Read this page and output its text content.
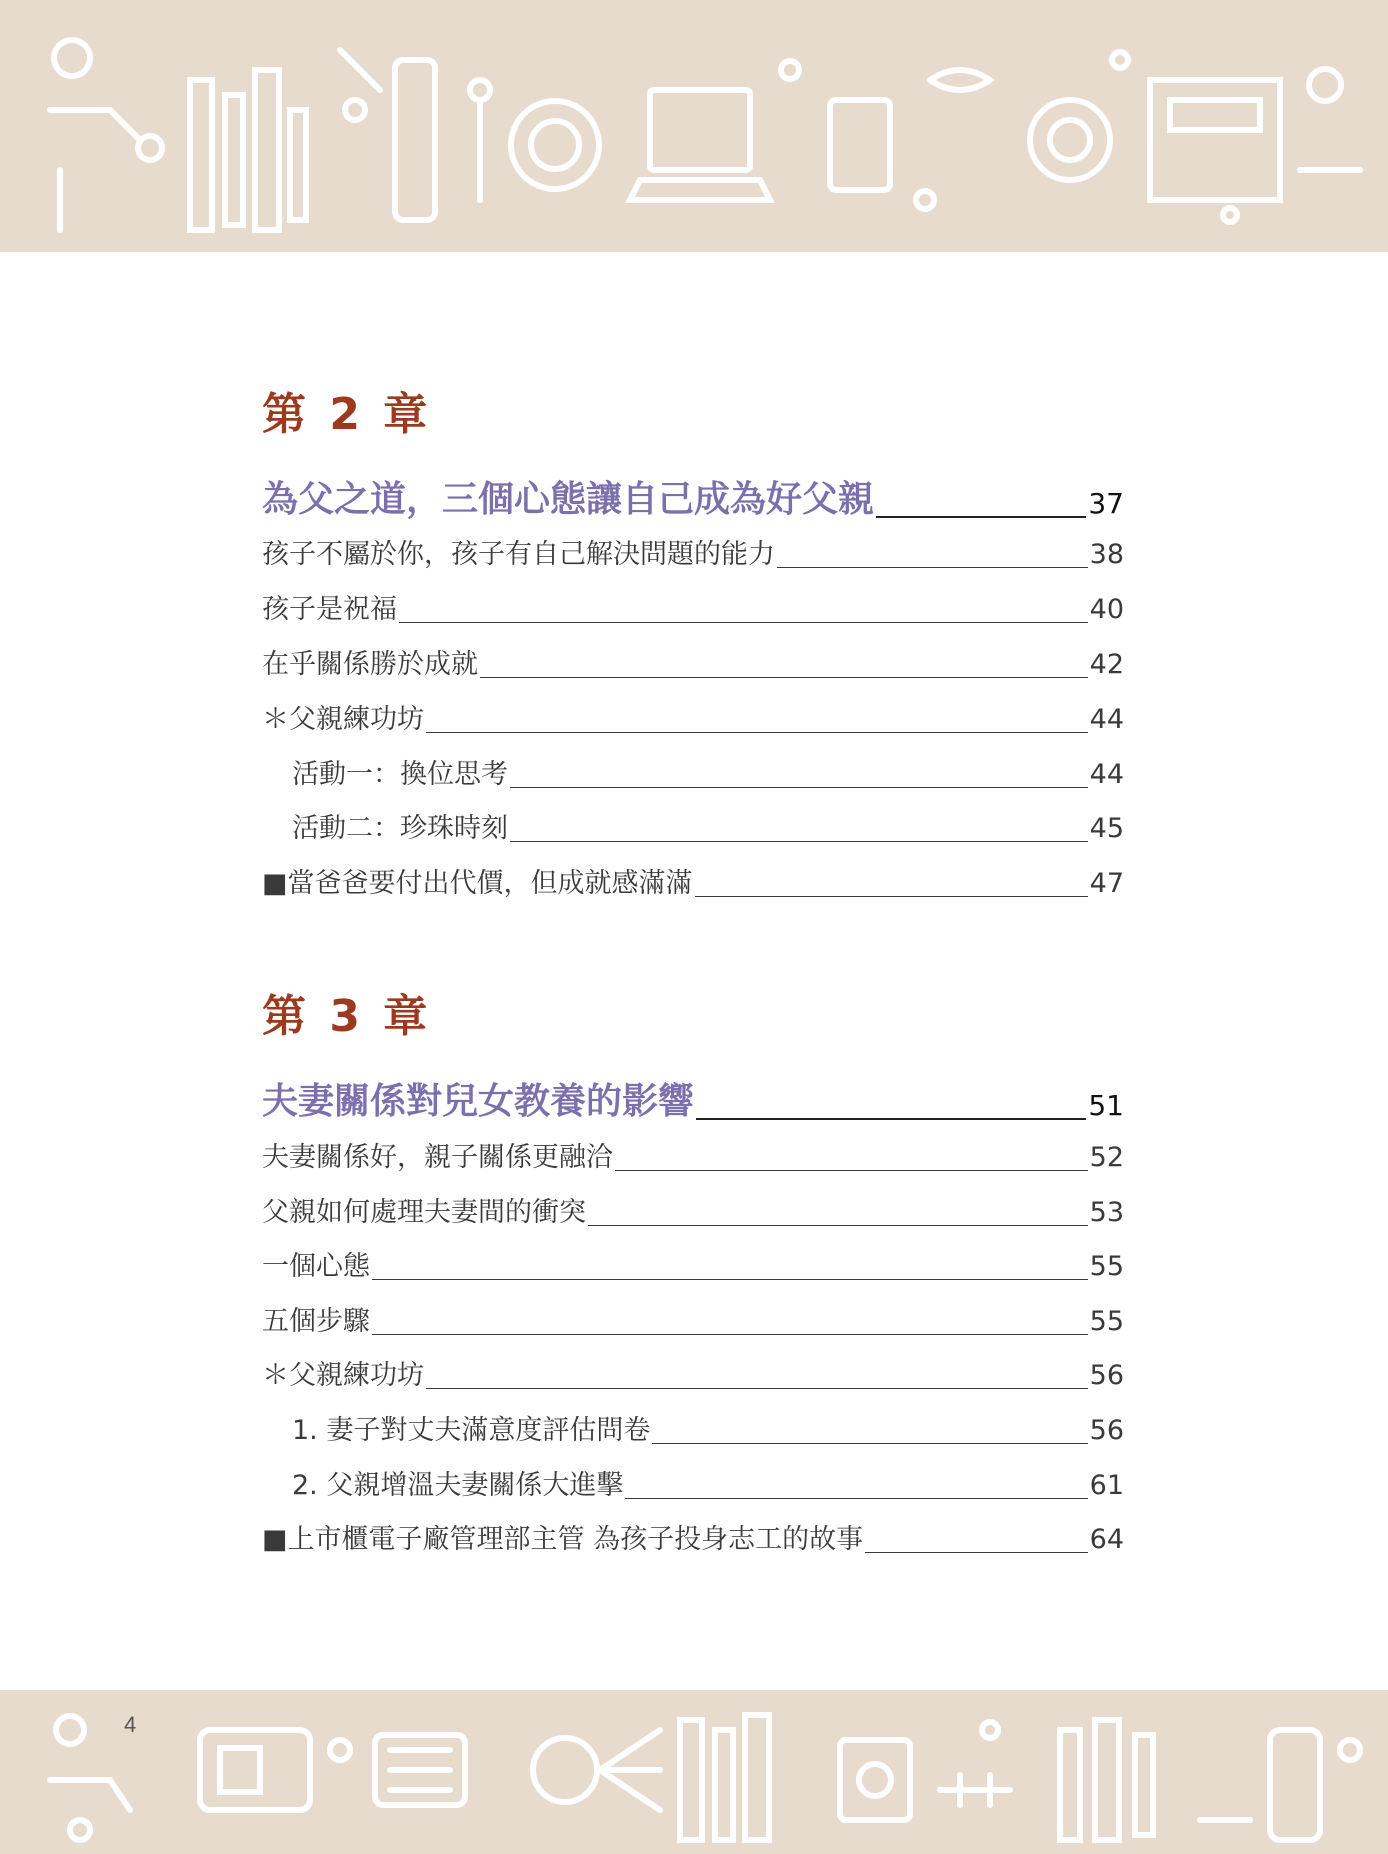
第 2 章
為父之道，三個心態讓自己成為好父親	37
孩子不屬於你，孩子有自己解決問題的能力	38
孩子是祝福	40
在乎關係勝於成就	42
＊父親練功坊	44
活動一：換位思考	44
活動二：珍珠時刻	45
■當爸爸要付出代價，但成就感滿滿	47
第 3 章
夫妻關係對兒女教養的影響	51
夫妻關係好，親子關係更融洽	52
父親如何處理夫妻間的衝突	53
一個心態	55
五個步驟	55
＊父親練功坊	56
1. 妻子對丈夫滿意度評估問卷	56
2. 父親增溫夫妻關係大進擊	61
■上市櫃電子廠管理部主管 為孩子投身志工的故事	64
4
